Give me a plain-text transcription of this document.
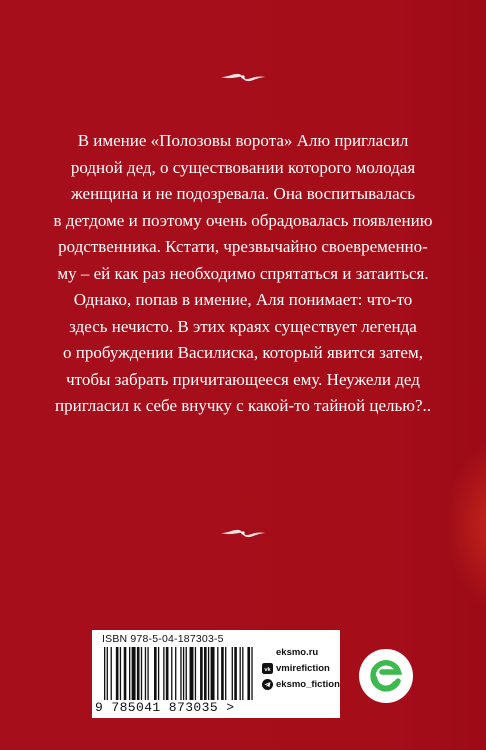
В имение «Полозовы ворота» Алю пригласил
родной дед, о существовании которого молодая
женщина и не подозревала. Она воспитывалась
в детдоме и поэтому очень обрадовалась появлению
родственника. Кстати, чрезвычайно своевременно-
му – ей как раз необходимо спрятаться и затаиться.
Однако, попав в имение, Аля понимает: что-то
здесь нечисто. В этих краях существует легенда
о пробуждении Василиска, который явится затем,
чтобы забрать причитающееся ему. Неужели дед
пригласил к себе внучку с какой-то тайной целью?..
ISBN 978-5-04-187303-5
9 785041 873035 >
eksmo.ru
vk vmirefiction
eksmo_fiction
